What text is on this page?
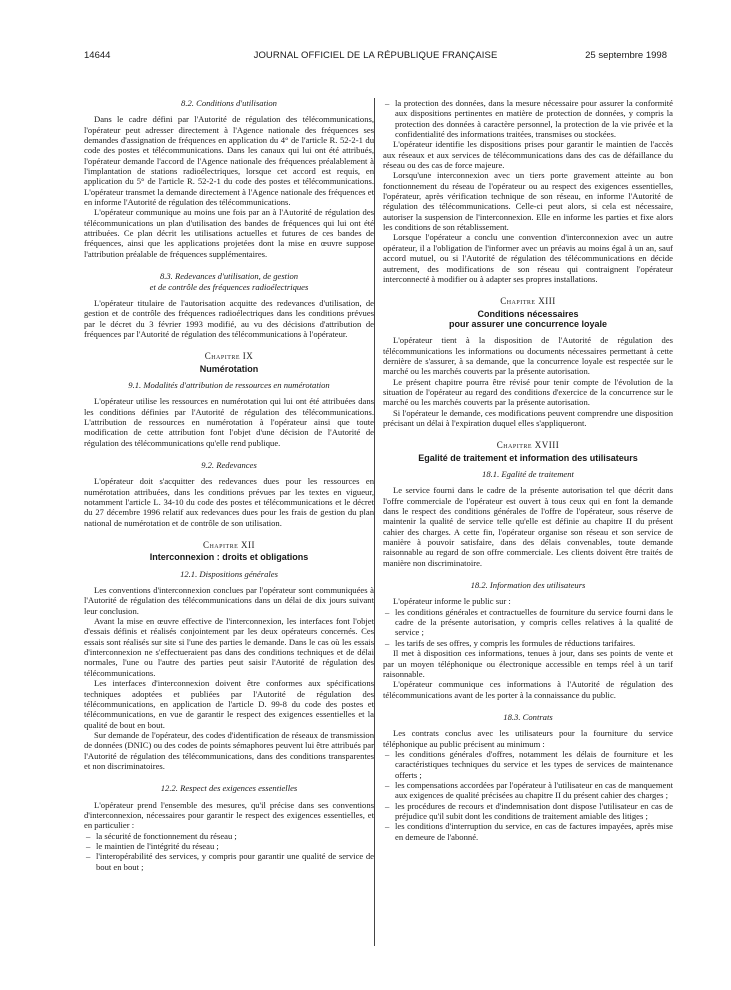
14644	JOURNAL OFFICIEL DE LA RÉPUBLIQUE FRANÇAISE	25 septembre 1998

8.2. Conditions d'utilisation

Dans le cadre défini par l'Autorité de régulation des télécommunications, l'opérateur peut adresser directement à l'Agence nationale des fréquences ses demandes d'assignation de fréquences en application du 4° de l'article R. 52-2-1 du code des postes et télécommunications. Dans les canaux qui lui ont été attribués, l'opérateur demande l'accord de l'Agence nationale des fréquences préalablement à l'implantation de stations radioélectriques, lorsque cet accord est requis, en application du 5° de l'article R. 52-2-1 du code des postes et télécommunications. L'opérateur transmet la demande directement à l'Agence nationale des fréquences et en informe l'Autorité de régulation des télécommunications.

L'opérateur communique au moins une fois par an à l'Autorité de régulation des télécommunications un plan d'utilisation des bandes de fréquences qui lui ont été attribuées. Ce plan décrit les utilisations actuelles et futures de ces bandes de fréquences, ainsi que les applications projetées dont la mise en œuvre suppose l'attribution préalable de fréquences supplémentaires.

8.3. Redevances d'utilisation, de gestion

et de contrôle des fréquences radioélectriques

L'opérateur titulaire de l'autorisation acquitte des redevances d'utilisation, de gestion et de contrôle des fréquences radioélectriques dans les conditions prévues par le décret du 3 février 1993 modifié, au vu des décisions d'attribution de fréquences par l'Autorité de régulation des télécommunications à l'opérateur.

Chapitre IX

Numérotation

9.1. Modalités d'attribution de ressources en numérotation

L'opérateur utilise les ressources en numérotation qui lui ont été attribuées dans les conditions définies par l'Autorité de régulation des télécommunications. L'attribution de ressources en numérotation à l'opérateur ainsi que toute modification de cette attribution font l'objet d'une décision de l'Autorité de régulation des télécommunications qu'elle rend publique.

9.2. Redevances

L'opérateur doit s'acquitter des redevances dues pour les ressources en numérotation attribuées, dans les conditions prévues par les textes en vigueur, notamment l'article L. 34-10 du code des postes et télécommunications et le décret du 27 décembre 1996 relatif aux redevances dues pour les frais de gestion du plan national de numérotation et de contrôle de son utilisation.

Chapitre XII

Interconnexion : droits et obligations

12.1. Dispositions générales

Les conventions d'interconnexion conclues par l'opérateur sont communiquées à l'Autorité de régulation des télécommunications dans un délai de dix jours suivant leur conclusion.

Avant la mise en œuvre effective de l'interconnexion, les interfaces font l'objet d'essais définis et réalisés conjointement par les deux opérateurs concernés. Ces essais sont réalisés sur site si l'une des parties le demande. Dans le cas où les essais d'interconnexion ne s'effectueraient pas dans des conditions techniques et de délai normales, l'une ou l'autre des parties peut saisir l'Autorité de régulation des télécommunications.

Les interfaces d'interconnexion doivent être conformes aux spécifications techniques adoptées et publiées par l'Autorité de régulation des télécommunications, en application de l'article D. 99-8 du code des postes et télécommunications, en vue de garantir le respect des exigences essentielles et la qualité de bout en bout.

Sur demande de l'opérateur, des codes d'identification de réseaux de transmission de données (DNIC) ou des codes de points sémaphores peuvent lui être attribués par l'Autorité de régulation des télécommunications, dans des conditions transparentes et non discriminatoires.

12.2. Respect des exigences essentielles

L'opérateur prend l'ensemble des mesures, qu'il précise dans ses conventions d'interconnexion, nécessaires pour garantir le respect des exigences essentielles, et en particulier :

– la sécurité de fonctionnement du réseau ;
– le maintien de l'intégrité du réseau ;
– l'interopérabilité des services, y compris pour garantir une qualité de service de bout en bout ;
– la protection des données, dans la mesure nécessaire pour assurer la conformité aux dispositions pertinentes en matière de protection de données, y compris la protection des données à caractère personnel, la protection de la vie privée et la confidentialité des informations traitées, transmises ou stockées.

L'opérateur identifie les dispositions prises pour garantir le maintien de l'accès aux réseaux et aux services de télécommunications dans des cas de défaillance du réseau ou des cas de force majeure.

Lorsqu'une interconnexion avec un tiers porte gravement atteinte au bon fonctionnement du réseau de l'opérateur ou au respect des exigences essentielles, l'opérateur, après vérification technique de son réseau, en informe l'Autorité de régulation des télécommunications. Celle-ci peut alors, si cela est nécessaire, autoriser la suspension de l'interconnexion. Elle en informe les parties et fixe alors les conditions de son rétablissement.

Lorsque l'opérateur a conclu une convention d'interconnexion avec un autre opérateur, il a l'obligation de l'informer avec un préavis au moins égal à un an, sauf accord mutuel, ou si l'Autorité de régulation des télécommunications en décide autrement, des modifications de son réseau qui contraignent l'opérateur interconnecté à modifier ou à adapter ses propres installations.

Chapitre XIII

Conditions nécessaires

pour assurer une concurrence loyale

L'opérateur tient à la disposition de l'Autorité de régulation des télécommunications les informations ou documents nécessaires permettant à cette dernière de s'assurer, à sa demande, que la concurrence loyale est respectée sur le marché ou les marchés couverts par la présente autorisation.

Le présent chapitre pourra être révisé pour tenir compte de l'évolution de la situation de l'opérateur au regard des conditions d'exercice de la concurrence sur le marché ou les marchés couverts par la présente autorisation.

Si l'opérateur le demande, ces modifications peuvent comprendre une disposition précisant un délai à l'expiration duquel elles s'appliqueront.

Chapitre XVIII

Egalité de traitement et information des utilisateurs

18.1. Egalité de traitement

Le service fourni dans le cadre de la présente autorisation tel que décrit dans l'offre commerciale de l'opérateur est ouvert à tous ceux qui en font la demande dans le respect des conditions générales de l'offre de l'opérateur, sous réserve de maintenir la qualité de service telle qu'elle est définie au chapitre II du présent cahier des charges. A cette fin, l'opérateur organise son réseau et son service de manière à pouvoir satisfaire, dans des délais convenables, toute demande raisonnable au regard de son offre commerciale. Les clients doivent être traités de manière non discriminatoire.

18.2. Information des utilisateurs

L'opérateur informe le public sur :

– les conditions générales et contractuelles de fourniture du service fourni dans le cadre de la présente autorisation, y compris celles relatives à la qualité de service ;
– les tarifs de ses offres, y compris les formules de réductions tarifaires.

Il met à disposition ces informations, tenues à jour, dans ses points de vente et par un moyen téléphonique ou électronique accessible en temps réel à un tarif raisonnable.

L'opérateur communique ces informations à l'Autorité de régulation des télécommunications avant de les porter à la connaissance du public.

18.3. Contrats

Les contrats conclus avec les utilisateurs pour la fourniture du service téléphonique au public précisent au minimum :

– les conditions générales d'offres, notamment les délais de fourniture et les caractéristiques techniques du service et les types de services de maintenance offerts ;
– les compensations accordées par l'opérateur à l'utilisateur en cas de manquement aux exigences de qualité précisées au chapitre II du présent cahier des charges ;
– les procédures de recours et d'indemnisation dont dispose l'utilisateur en cas de préjudice qu'il subit dont les conditions de traitement amiable des litiges ;
– les conditions d'interruption du service, en cas de factures impayées, après mise en demeure de l'abonné.
